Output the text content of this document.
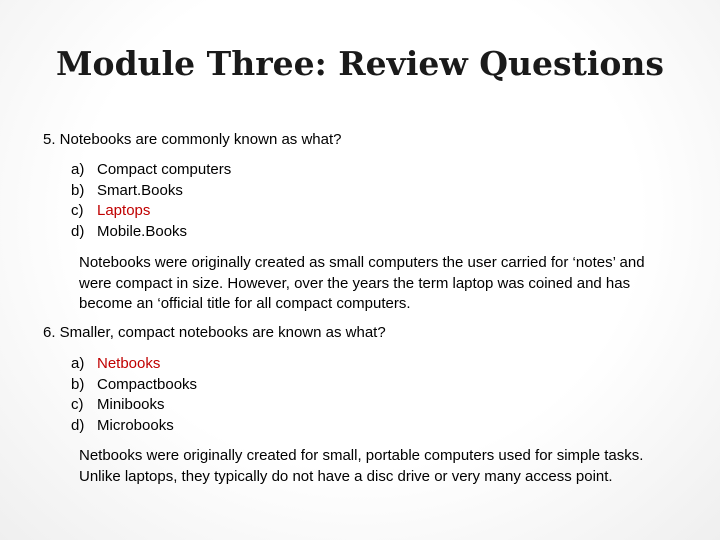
Module Three: Review Questions
5. Notebooks are commonly known as what?
a) Compact computers
b) Smart.Books
c) Laptops
d) Mobile.Books
Notebooks were originally created as small computers the user carried for ‘notes’ and were compact in size. However, over the years the term laptop was coined and has become an ‘official title for all compact computers.
6. Smaller, compact notebooks are known as what?
a) Netbooks
b) Compactbooks
c) Minibooks
d) Microbooks
Netbooks were originally created for small, portable computers used for simple tasks. Unlike laptops, they typically do not have a disc drive or very many access point.
